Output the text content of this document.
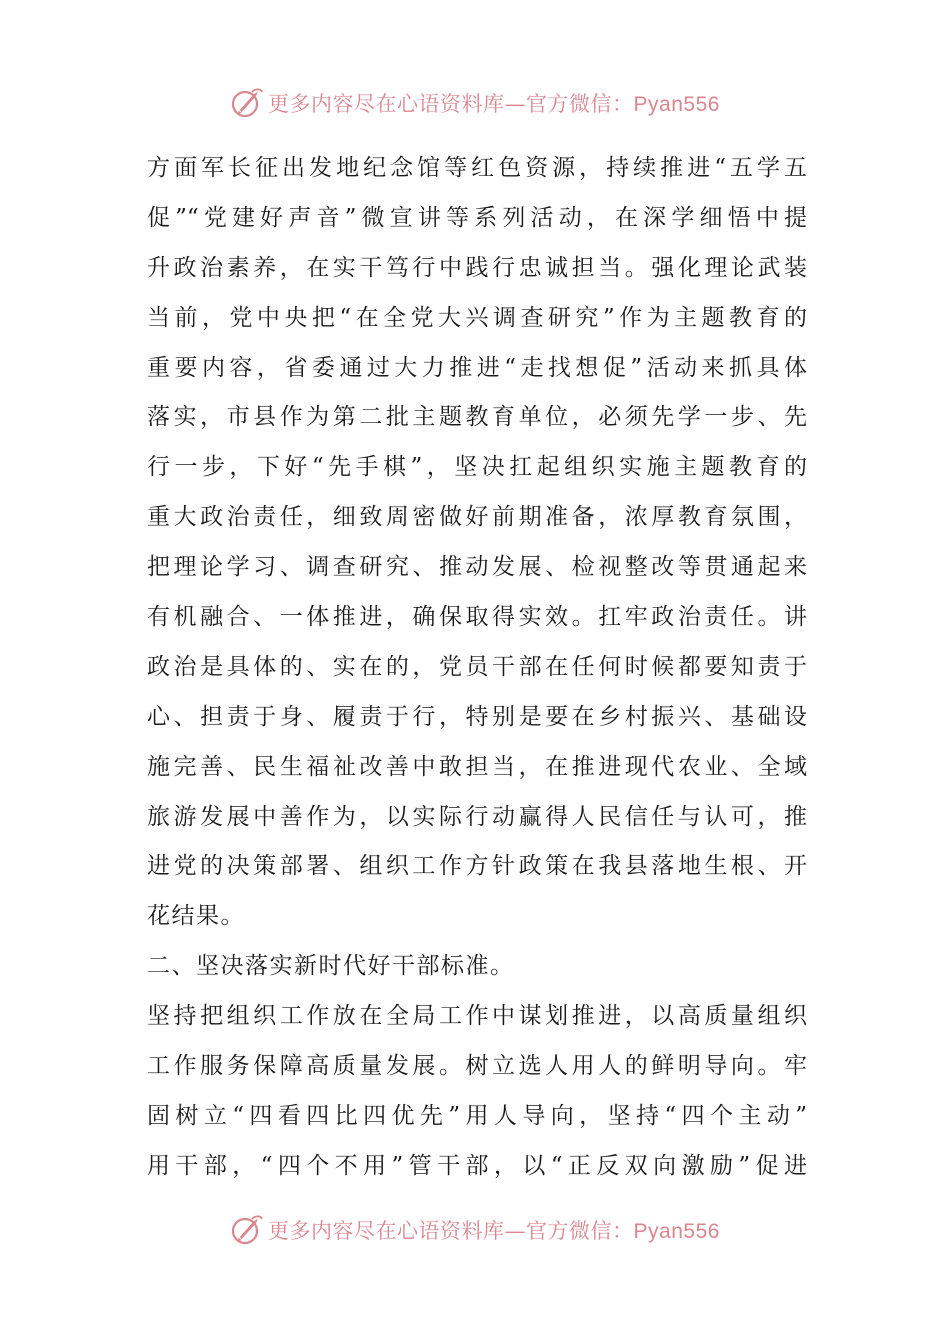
更多内容尽在心语资料库—官方微信：Pyan556
方面军长征出发地纪念馆等红色资源，持续推进“五学五
促”“党建好声音”微宣讲等系列活动，在深学细悟中提
升政治素养，在实干笃行中践行忠诚担当。强化理论武装
当前，党中央把“在全党大兴调查研究”作为主题教育的
重要内容，省委通过大力推进“走找想促”活动来抓具体
落实，市县作为第二批主题教育单位，必须先学一步、先
行一步，下好“先手棋”，坚决扛起组织实施主题教育的
重大政治责任，细致周密做好前期准备，浓厚教育氛围，
把理论学习、调查研究、推动发展、检视整改等贯通起来
有机融合、一体推进，确保取得实效。扛牢政治责任。讲
政治是具体的、实在的，党员干部在任何时候都要知责于
心、担责于身、履责于行，特别是要在乡村振兴、基础设
施完善、民生福祉改善中敢担当，在推进现代农业、全域
旅游发展中善作为，以实际行动赢得人民信任与认可，推
进党的决策部署、组织工作方针政策在我县落地生根、开
花结果。
二、坚决落实新时代好干部标准。
坚持把组织工作放在全局工作中谋划推进，以高质量组织
工作服务保障高质量发展。树立选人用人的鲜明导向。牢
固树立“四看四比四优先”用人导向，坚持“四个主动”
用干部，“四个不用”管干部，以“正反双向激励”促进
更多内容尽在心语资料库—官方微信：Pyan556
